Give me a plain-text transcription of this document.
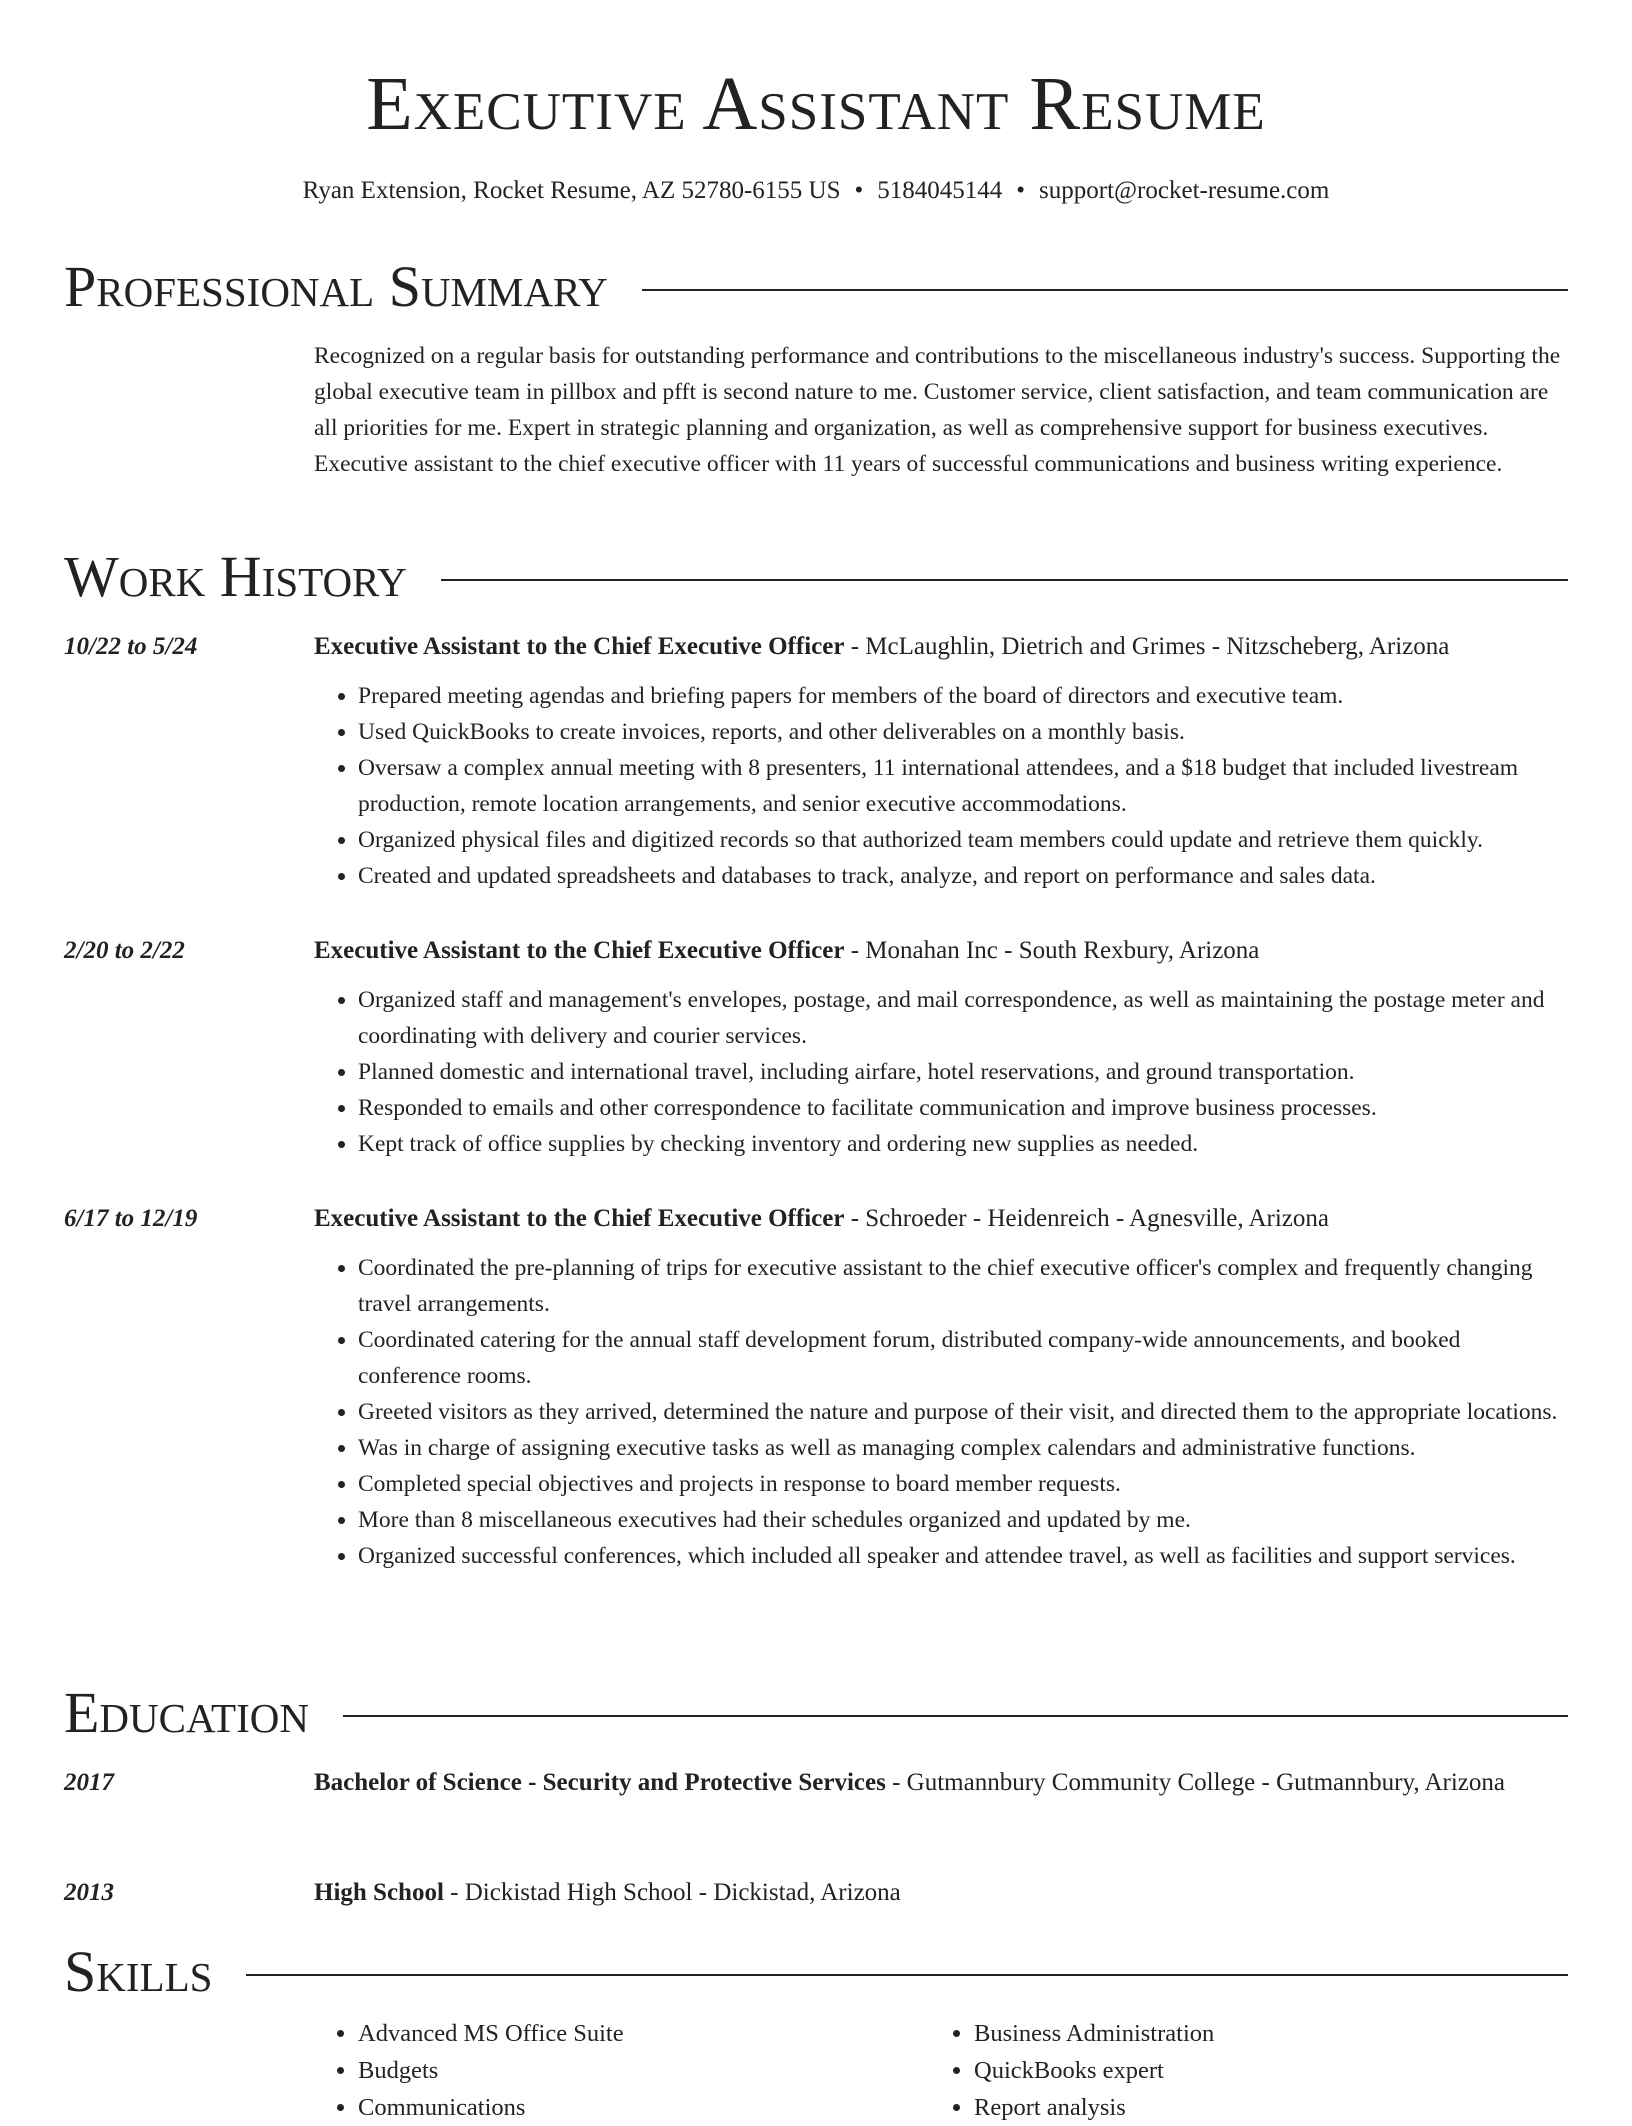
Executive Assistant Resume
Ryan Extension, Rocket Resume, AZ 52780-6155 US • 5184045144 • support@rocket-resume.com
Professional Summary

Recognized on a regular basis for outstanding performance and contributions to the miscellaneous industry's success. Supporting the global executive team in pillbox and pfft is second nature to me. Customer service, client satisfaction, and team communication are all priorities for me. Expert in strategic planning and organization, as well as comprehensive support for business executives. Executive assistant to the chief executive officer with 11 years of successful communications and business writing experience.

Work History
10/22 to 5/24	Executive Assistant to the Chief Executive Officer - McLaughlin, Dietrich and Grimes - Nitzscheberg, Arizona
• Prepared meeting agendas and briefing papers for members of the board of directors and executive team.
• Used QuickBooks to create invoices, reports, and other deliverables on a monthly basis.
• Oversaw a complex annual meeting with 8 presenters, 11 international attendees, and a $18 budget that included livestream production, remote location arrangements, and senior executive accommodations.
• Organized physical files and digitized records so that authorized team members could update and retrieve them quickly.
• Created and updated spreadsheets and databases to track, analyze, and report on performance and sales data.
2/20 to 2/22	Executive Assistant to the Chief Executive Officer - Monahan Inc - South Rexbury, Arizona
• Organized staff and management's envelopes, postage, and mail correspondence, as well as maintaining the postage meter and coordinating with delivery and courier services.
• Planned domestic and international travel, including airfare, hotel reservations, and ground transportation.
• Responded to emails and other correspondence to facilitate communication and improve business processes.
• Kept track of office supplies by checking inventory and ordering new supplies as needed.
6/17 to 12/19	Executive Assistant to the Chief Executive Officer - Schroeder - Heidenreich - Agnesville, Arizona
• Coordinated the pre-planning of trips for executive assistant to the chief executive officer's complex and frequently changing travel arrangements.
• Coordinated catering for the annual staff development forum, distributed company-wide announcements, and booked conference rooms.
• Greeted visitors as they arrived, determined the nature and purpose of their visit, and directed them to the appropriate locations.
• Was in charge of assigning executive tasks as well as managing complex calendars and administrative functions.
• Completed special objectives and projects in response to board member requests.
• More than 8 miscellaneous executives had their schedules organized and updated by me.
• Organized successful conferences, which included all speaker and attendee travel, as well as facilities and support services.
Education
2017	Bachelor of Science - Security and Protective Services - Gutmannbury Community College - Gutmannbury, Arizona
2013	High School - Dickistad High School - Dickistad, Arizona
Skills
• Advanced MS Office Suite
• Budgets
• Communications
• Business Administration
• QuickBooks expert
• Report analysis
